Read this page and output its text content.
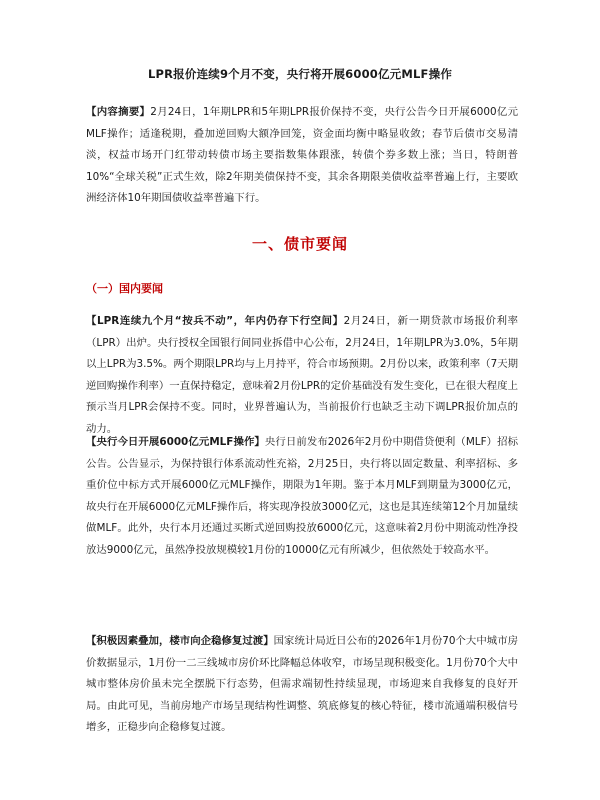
LPR报价连续9个月不变，央行将开展6000亿元MLF操作
【内容摘要】2月24日，1年期LPR和5年期LPR报价保持不变，央行公告今日开展6000亿元MLF操作；适逢税期，叠加逆回购大额净回笼，资金面均衡中略显收敛；春节后债市交易清淡，权益市场开门红带动转债市场主要指数集体跟涨，转债个券多数上涨；当日，特朗普10%“全球关税”正式生效，除2年期美债保持不变，其余各期限美债收益率普遍上行，主要欧洲经济体10年期国债收益率普遍下行。
一、债市要闻
（一）国内要闻
【LPR连续九个月“按兵不动”，年内仍存下行空间】2月24日，新一期贷款市场报价利率（LPR）出炉。央行授权全国银行间同业拆借中心公布，2月24日，1年期LPR为3.0%，5年期以上LPR为3.5%。两个期限LPR均与上月持平，符合市场预期。2月份以来，政策利率（7天期逆回购操作利率）一直保持稳定，意味着2月份LPR的定价基础没有发生变化，已在很大程度上预示当月LPR会保持不变。同时，业界普遍认为，当前报价行也缺乏主动下调LPR报价加点的动力。
【央行今日开展6000亿元MLF操作】央行日前发布2026年2月份中期借贷便利（MLF）招标公告。公告显示，为保持银行体系流动性充裕，2月25日，央行将以固定数量、利率招标、多重价位中标方式开展6000亿元MLF操作，期限为1年期。鉴于本月MLF到期量为3000亿元，故央行在开展6000亿元MLF操作后，将实现净投放3000亿元，这也是其连续第12个月加量续做MLF。此外，央行本月还通过买断式逆回购投放6000亿元，这意味着2月份中期流动性净投放达9000亿元，虽然净投放规模较1月份的10000亿元有所减少，但依然处于较高水平。
【积极因素叠加，楼市向企稳修复过渡】国家统计局近日公布的2026年1月份70个大中城市房价数据显示，1月份一二三线城市房价环比降幅总体收窄，市场呈现积极变化。1月份70个大中城市整体房价虽未完全摆脱下行态势，但需求端韧性持续显现，市场迎来自我修复的良好开局。由此可见，当前房地产市场呈现结构性调整、筑底修复的核心特征，楼市流通端积极信号增多，正稳步向企稳修复过渡。
